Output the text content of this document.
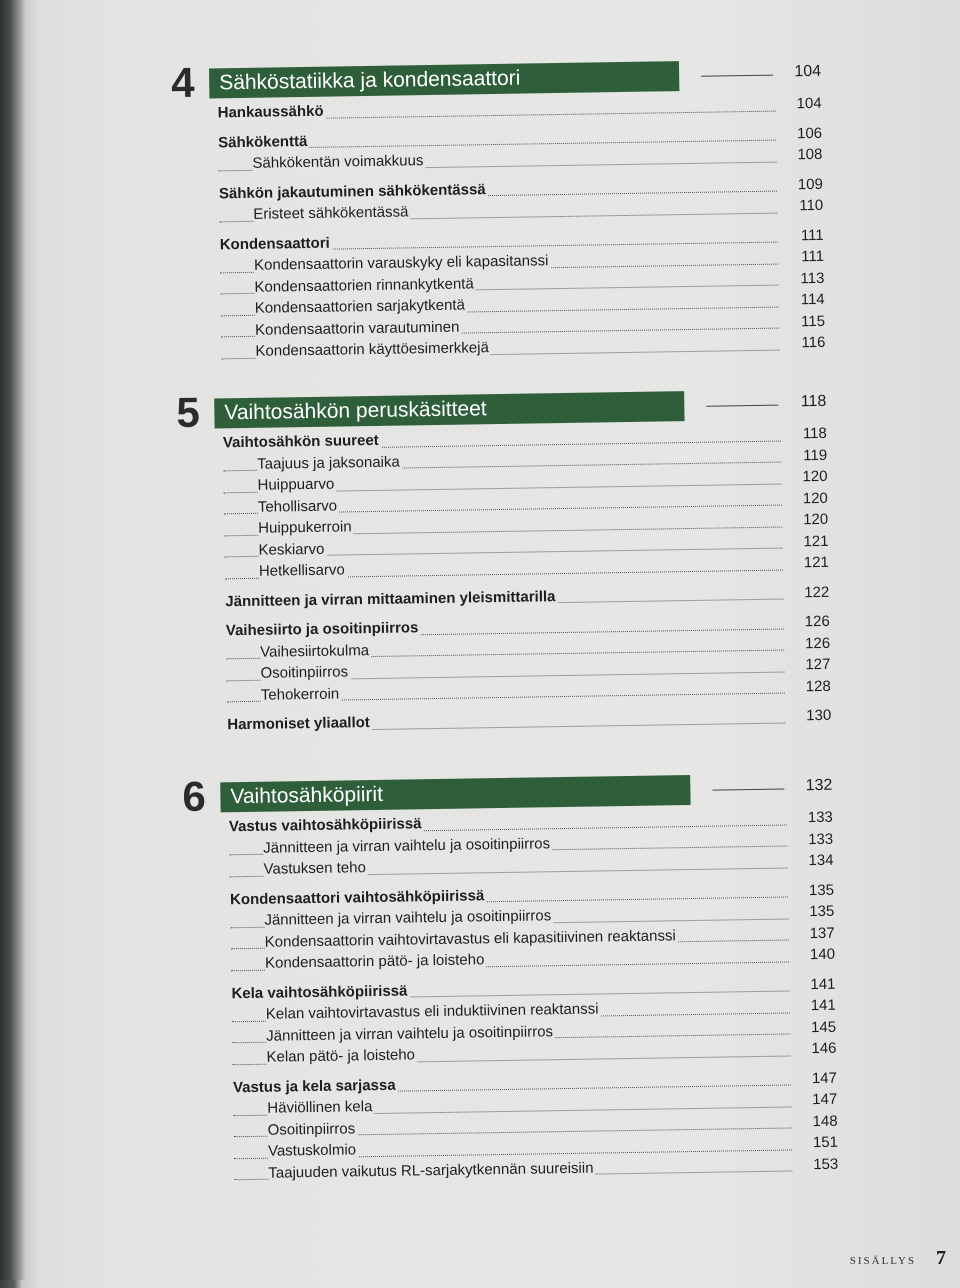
4	Sähköstatiikka ja kondensaattori	104
Hankaussähkö	104
Sähkökenttä	106
Sähkökentän voimakkuus	108
Sähkön jakautuminen sähkökentässä	109
Eristeet sähkökentässä	110
Kondensaattori	111
Kondensaattorin varauskyky eli kapasitanssi	111
Kondensaattorien rinnankytkentä	113
Kondensaattorien sarjakytkentä	114
Kondensaattorin varautuminen	115
Kondensaattorin käyttöesimerkkejä	116
5	Vaihtosähkön peruskäsitteet	118
Vaihtosähkön suureet	118
Taajuus ja jaksonaika	119
Huippuarvo	120
Tehollisarvo	120
Huippukerroin	120
Keskiarvo	121
Hetkellisarvo	121
Jännitteen ja virran mittaaminen yleismittarilla	122
Vaihesiirto ja osoitinpiirros	126
Vaihesiirtokulma	126
Osoitinpiirros	127
Tehokerroin	128
Harmoniset yliaallot	130
6	Vaihtosähköpiirit	132
Vastus vaihtosähköpiirissä	133
Jännitteen ja virran vaihtelu ja osoitinpiirros	133
Vastuksen teho	134
Kondensaattori vaihtosähköpiirissä	135
Jännitteen ja virran vaihtelu ja osoitinpiirros	135
Kondensaattorin vaihtovirtavastus eli kapasitiivinen reaktanssi	137
Kondensaattorin pätö- ja loisteho	140
Kela vaihtosähköpiirissä	141
Kelan vaihtovirtavastus eli induktiivinen reaktanssi	141
Jännitteen ja virran vaihtelu ja osoitinpiirros	145
Kelan pätö- ja loisteho	146
Vastus ja kela sarjassa	147
Häviöllinen kela	147
Osoitinpiirros	148
Vastuskolmio	151
Taajuuden vaikutus RL-sarjakytkennän suureisiin	153
SISÄLLYS 7
